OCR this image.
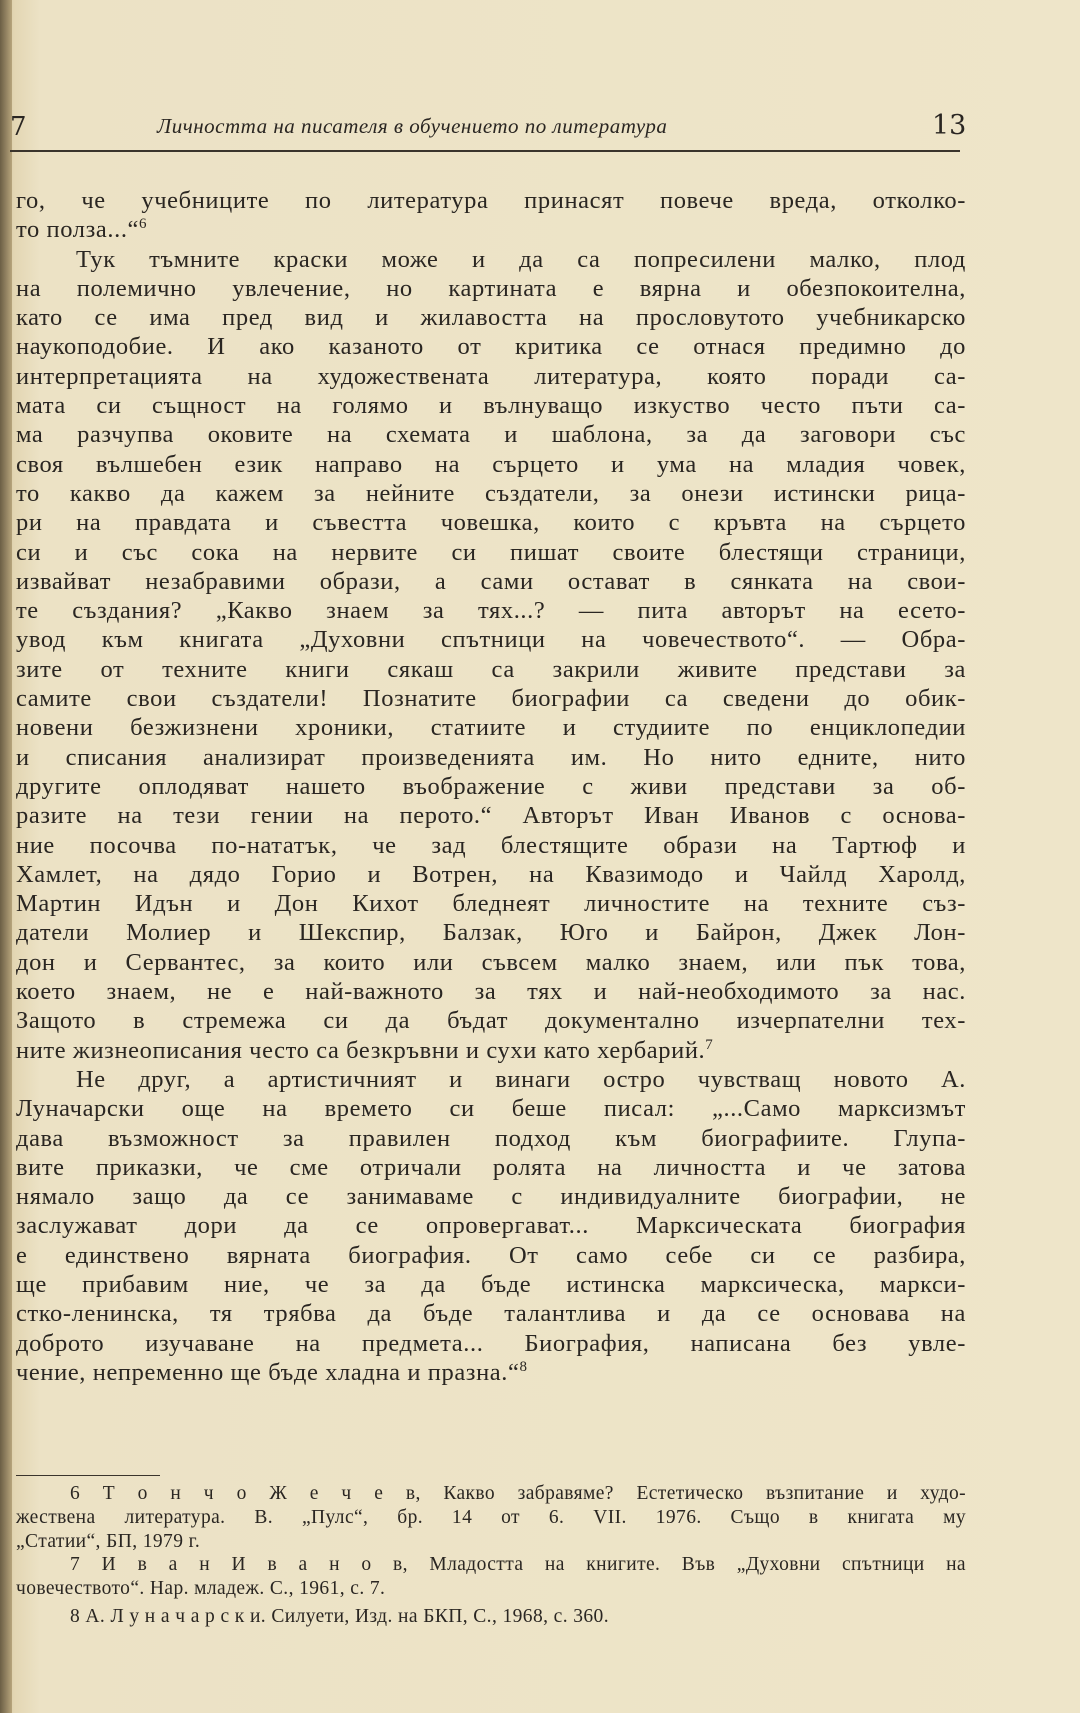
7	Личността на писателя в обучението по литература	13
го, че учебниците по литература принасят повече вреда, отколко-
то полза...“$^6$
Тук тъмните краски може и да са попресилени малко, плод
на полемично увлечение, но картината е вярна и обезпокоителна,
като се има пред вид и жилавостта на прословутото учебникарско
наукоподобие. И ако казаното от критика се отнася предимно до
интерпретацията на художествената литература, която поради са-
мата си същност на голямо и вълнуващо изкуство често пъти са-
ма разчупва оковите на схемата и шаблона, за да заговори със
своя вълшебен език направо на сърцето и ума на младия човек,
то какво да кажем за нейните създатели, за онези истински рица-
ри на правдата и съвестта човешка, които с кръвта на сърцето
си и със сока на нервите си пишат своите блестящи страници,
извайват незабравими образи, а сами остават в сянката на свои-
те създания? „Какво знаем за тях...? — пита авторът на есето-
увод към книгата „Духовни спътници на човечеството“. — Обра-
зите от техните книги сякаш са закрили живите представи за
самите свои създатели! Познатите биографии са сведени до обик-
новени безжизнени хроники, статиите и студиите по енциклопедии
и списания анализират произведенията им. Но нито едните, нито
другите оплодяват нашето въображение с живи представи за об-
разите на тези гении на перото.“ Авторът Иван Иванов с основа-
ние посочва по-нататък, че зад блестящите образи на Тартюф и
Хамлет, на дядо Горио и Вотрен, на Квазимодо и Чайлд Харолд,
Мартин Идън и Дон Кихот бледнеят личностите на техните съз-
датели Молиер и Шекспир, Балзак, Юго и Байрон, Джек Лон-
дон и Сервантес, за които или съвсем малко знаем, или пък това,
което знаем, не е най-важното за тях и най-необходимото за нас.
Защото в стремежа си да бъдат документално изчерпателни тех-
ните жизнеописания често са безкръвни и сухи като хербарий.$^7$
Не друг, а артистичният и винаги остро чувстващ новото А.
Луначарски още на времето си беше писал: „...Само марксизмът
дава възможност за правилен подход към биографиите. Глупа-
вите приказки, че сме отричали ролята на личността и че затова
нямало защо да се занимаваме с индивидуалните биографии, не
заслужават дори да се опровергават... Марксическата биография
е единствено вярната биография. От само себе си се разбира,
ще прибавим ние, че за да бъде истинска марксическа, маркси-
стко-ленинска, тя трябва да бъде талантлива и да се основава на
доброто изучаване на предмета... Биография, написана без увле-
чение, непременно ще бъде хладна и празна.“$^8$
6 Т о н ч о Ж е ч е в, Какво забравяме? Естетическо възпитание и худо-
жествена литература. В. „Пулс“, бр. 14 от 6. VII. 1976. Също в книгата му
„Статии“, БП, 1979 г.
7 И в а н И в а н о в, Младостта на книгите. Във „Духовни спътници на
човечеството“. Нар. младеж. С., 1961, с. 7.
8 А. Л у н а ч а р с к и. Силуети, Изд. на БКП, С., 1968, с. 360.
